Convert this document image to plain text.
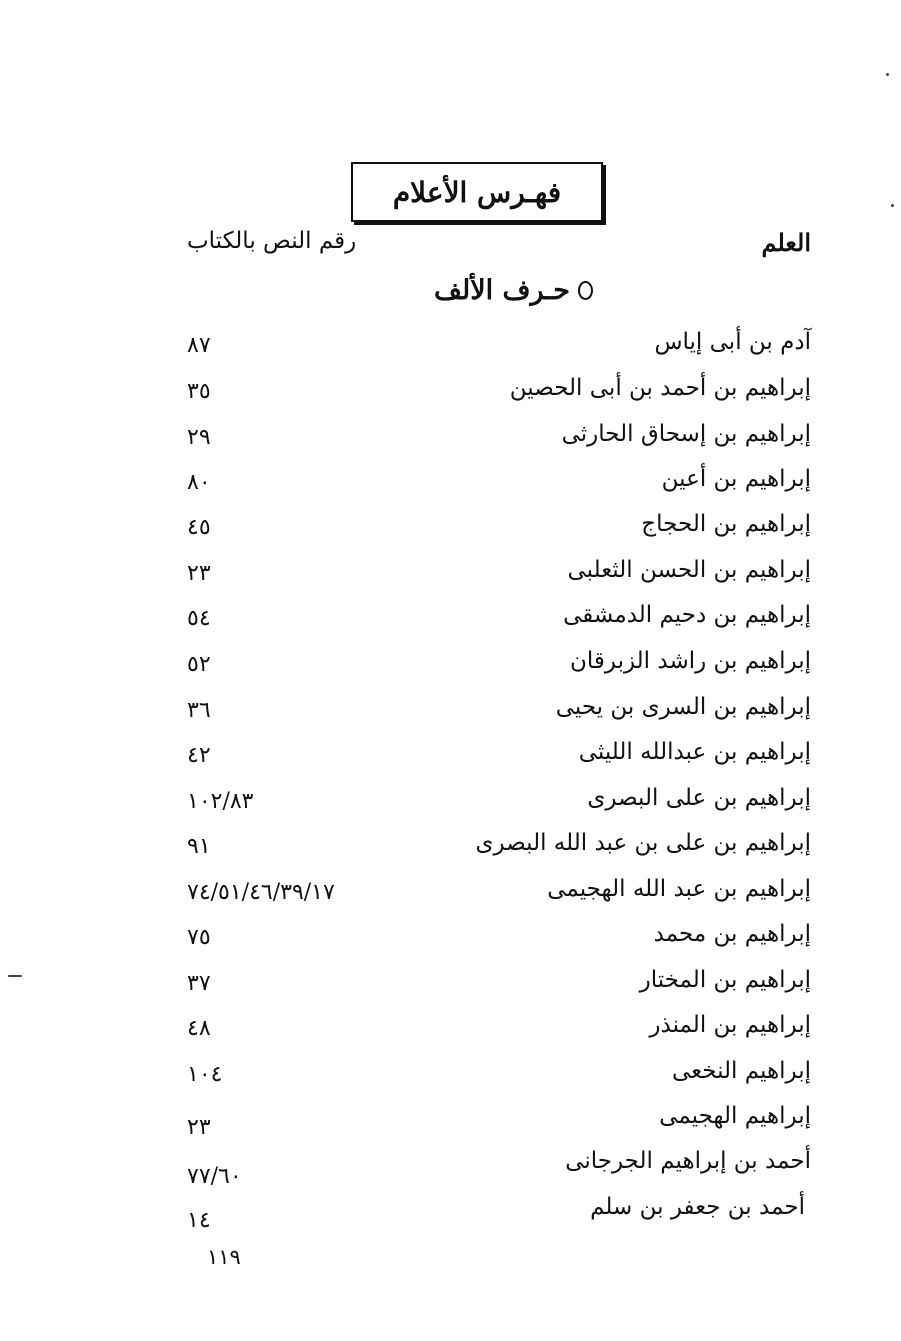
فهـرس الأعلام
العلم
رقم النص بالكتاب
حـرف الألف
آدم بن أبى إياس
٨٧
إبراهيم بن أحمد بن أبى الحصين
٣٥
إبراهيم بن إسحاق الحارثى
٢٩
إبراهيم بن أعين
٨٠
إبراهيم بن الحجاج
٤٥
إبراهيم بن الحسن الثعلبى
٢٣
إبراهيم بن دحيم الدمشقى
٥٤
إبراهيم بن راشد الزبرقان
٥٢
إبراهيم بن السرى بن يحيى
٣٦
إبراهيم بن عبدالله الليثى
٤٢
إبراهيم بن على البصرى
١٠٢/٨٣
إبراهيم بن على بن عبد الله البصرى
٩١
إبراهيم بن عبد الله الهجيمى
٧٤/٥١/٤٦/٣٩/١٧
إبراهيم بن محمد
٧٥
إبراهيم بن المختار
٣٧
إبراهيم بن المنذر
٤٨
إبراهيم النخعى
١٠٤
إبراهيم الهجيمى
٢٣
أحمد بن إبراهيم الجرجانى
٧٧/٦٠
أحمد بن جعفر بن سلم
١٤
١١٩
